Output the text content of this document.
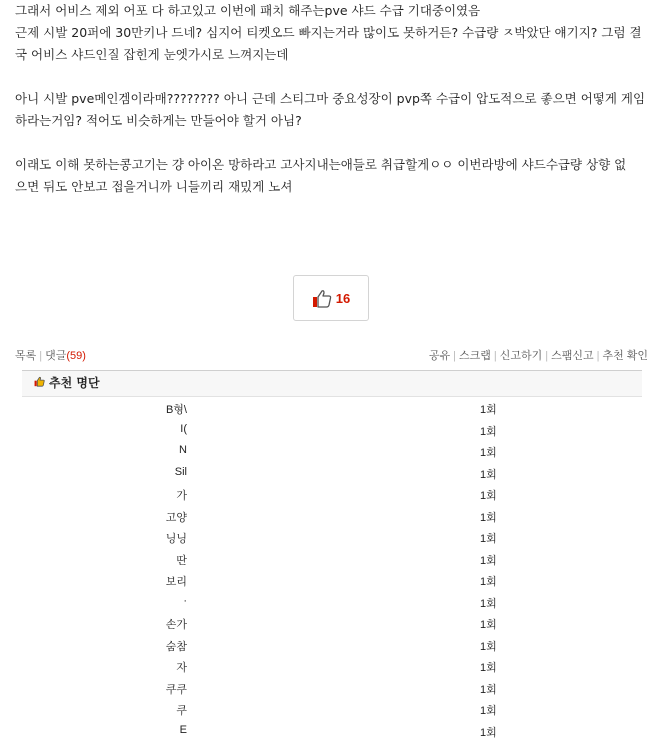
그래서 어비스 제외 어포 다 하고있고 이번에 패치 해주는pve 샤드 수급 기대중이였음

근제 시발 20퍼에 30만키나 드네? 심지어 티켓오드 빠지는거라 많이도 못하거든? 수급량 ㅈ박았단 얘기지? 그럼 결

국 어비스 샤드인질 잡힌게 눈엣가시로 느껴지는데

아니 시발 pve메인겜이라매???????? 아니 근데 스티그마 중요성장이 pvp쪽 수급이 압도적으로 좋으면 어떻게 게임

하라는거임? 적어도 비슷하게는 만들어야 할거 아님?

이래도 이해 못하는콩고기는 걍 아이온 망하라고 고사지내는애들로 취급할게ㅇㅇ 이번라방에 샤드수급량 상향 없

으면 뒤도 안보고 접을거니까 니들끼리 재밌게 노셔

16
목록 | 댓글(59)	공유 | 스크랩 | 신고하기 | 스팸신고 | 추천 확인
추천 명단
B형\	1회
I(	1회
N	1회
Sil	1회
가	1회
고양	1회
닝닝	1회
딴	1회
보리	1회
·	1회
손가	1회
숨참	1회
자	1회
쿠쿠	1회
쿠	1회
E	1회
